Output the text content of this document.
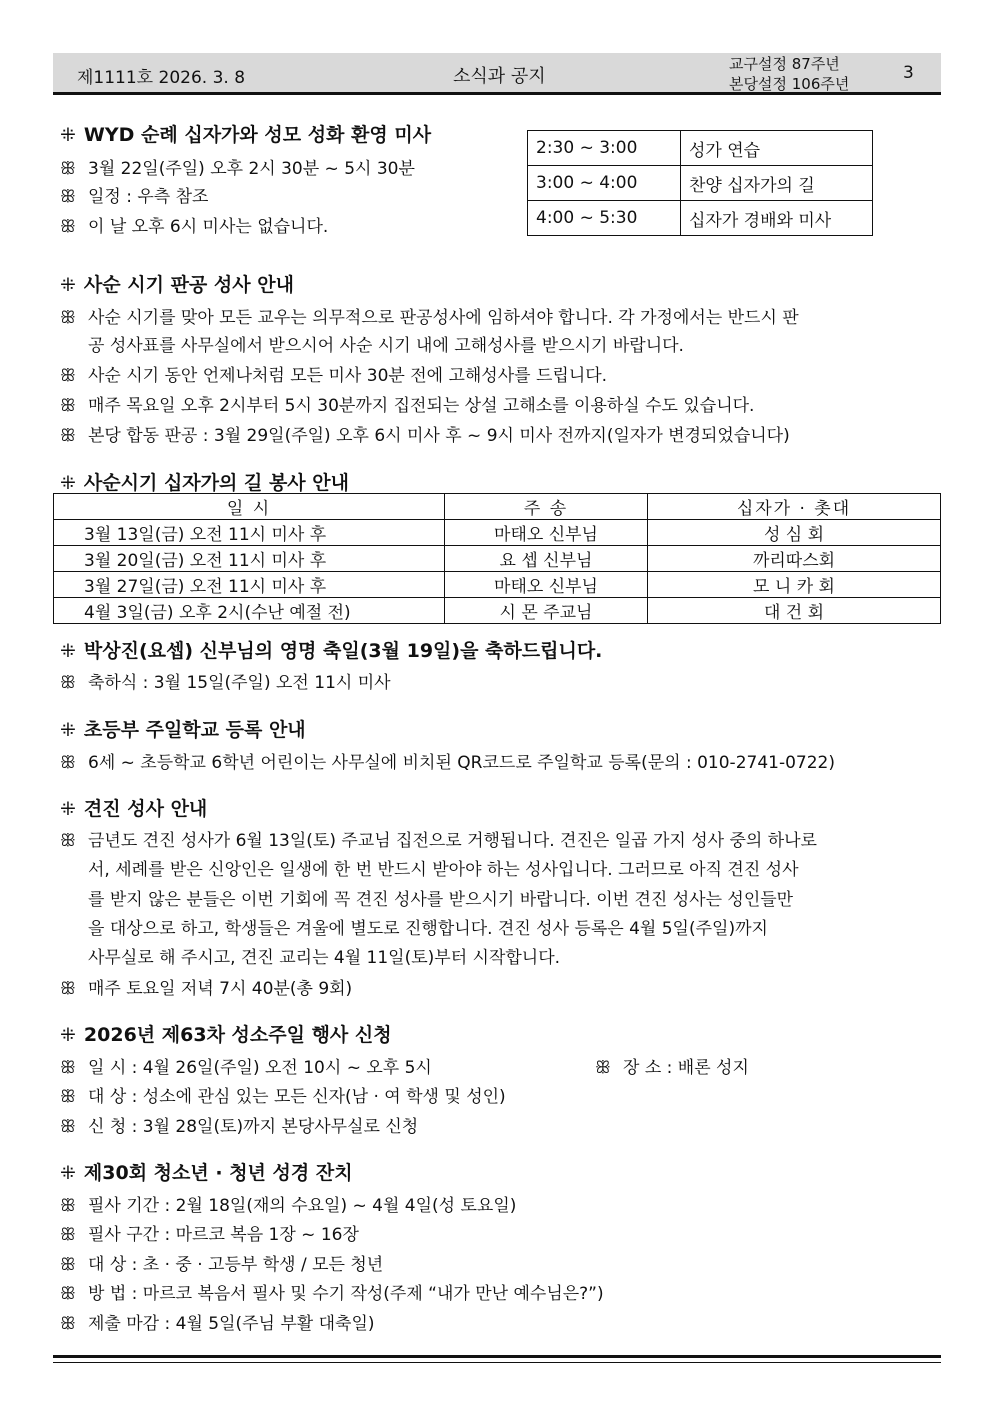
제1111호 2026. 3. 8	소식과 공지
교구설정 87주년
본당설정 106주년
3
⁜ WYD 순례 십자가와 성모 성화 환영 미사
ꕥ 3월 22일(주일) 오후 2시 30분 ~ 5시 30분
ꕥ 일정 : 우측 참조
ꕥ 이 날 오후 6시 미사는 없습니다.
2:30 ~ 3:00	성가 연습
3:00 ~ 4:00	찬양 십자가의 길
4:00 ~ 5:30	십자가 경배와 미사
⁜ 사순 시기 판공 성사 안내
ꕥ 사순 시기를 맞아 모든 교우는 의무적으로 판공성사에 임하셔야 합니다. 각 가정에서는 반드시 판
공 성사표를 사무실에서 받으시어 사순 시기 내에 고해성사를 받으시기 바랍니다.
ꕥ 사순 시기 동안 언제나처럼 모든 미사 30분 전에 고해성사를 드립니다.
ꕥ 매주 목요일 오후 2시부터 5시 30분까지 집전되는 상설 고해소를 이용하실 수도 있습니다.
ꕥ 본당 합동 판공 : 3월 29일(주일) 오후 6시 미사 후 ~ 9시 미사 전까지(일자가 변경되었습니다)
⁜ 사순시기 십자가의 길 봉사 안내
일 시	주 송	십자가 · 촛대
3월 13일(금) 오전 11시 미사 후	마태오 신부님	성 심 회
3월 20일(금) 오전 11시 미사 후	요 셉 신부님	까리따스회
3월 27일(금) 오전 11시 미사 후	마태오 신부님	모 니 카 회
4월 3일(금) 오후 2시(수난 예절 전)	시 몬 주교님	대 건 회
⁜ 박상진(요셉) 신부님의 영명 축일(3월 19일)을 축하드립니다.
ꕥ 축하식 : 3월 15일(주일) 오전 11시 미사
⁜ 초등부 주일학교 등록 안내
ꕥ 6세 ~ 초등학교 6학년 어린이는 사무실에 비치된 QR코드로 주일학교 등록(문의 : 010-2741-0722)
⁜ 견진 성사 안내
ꕥ 금년도 견진 성사가 6월 13일(토) 주교님 집전으로 거행됩니다. 견진은 일곱 가지 성사 중의 하나로
서, 세례를 받은 신앙인은 일생에 한 번 반드시 받아야 하는 성사입니다. 그러므로 아직 견진 성사
를 받지 않은 분들은 이번 기회에 꼭 견진 성사를 받으시기 바랍니다. 이번 견진 성사는 성인들만
을 대상으로 하고, 학생들은 겨울에 별도로 진행합니다. 견진 성사 등록은 4월 5일(주일)까지
사무실로 해 주시고, 견진 교리는 4월 11일(토)부터 시작합니다.
ꕥ 매주 토요일 저녁 7시 40분(총 9회)
⁜ 2026년 제63차 성소주일 행사 신청
ꕥ 일 시 : 4월 26일(주일) 오전 10시 ~ 오후 5시	ꕥ 장 소 : 배론 성지
ꕥ 대 상 : 성소에 관심 있는 모든 신자(남 · 여 학생 및 성인)
ꕥ 신 청 : 3월 28일(토)까지 본당사무실로 신청
⁜ 제30회 청소년 · 청년 성경 잔치
ꕥ 필사 기간 : 2월 18일(재의 수요일) ~ 4월 4일(성 토요일)
ꕥ 필사 구간 : 마르코 복음 1장 ~ 16장
ꕥ 대 상 : 초 · 중 · 고등부 학생 / 모든 청년
ꕥ 방 법 : 마르코 복음서 필사 및 수기 작성(주제 “내가 만난 예수님은?”)
ꕥ 제출 마감 : 4월 5일(주님 부활 대축일)
